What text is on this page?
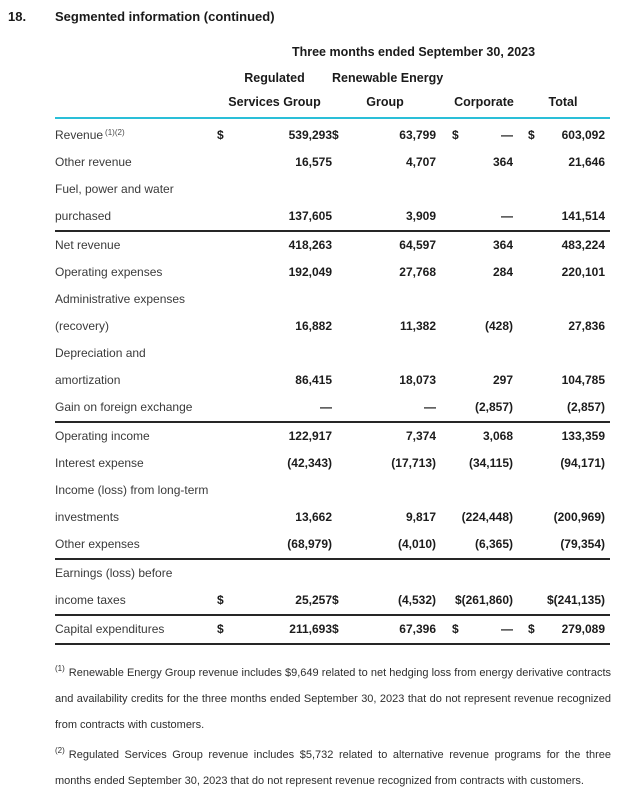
18.	Segmented information (continued)
	Three months ended September 30, 2023			
	Regulated	Renewable Energy		
	Services Group	Group	Corporate	Total

Revenue $^{(1)(2)}$	$ 539,293	$ 63,799	$ —	$ 603,092

Other revenue	16,575	4,707	364	21,646

Fuel, power and water
purchased	137,605	3,909	—	141,514

Net revenue	418,263	64,597	364	483,224

Operating expenses	192,049	27,768	284	220,101

Administrative expenses
(recovery)	16,882	11,382	(428)	27,836

Depreciation and
amortization	86,415	18,073	297	104,785

Gain on foreign exchange	—	—	(2,857)	(2,857)

Operating income	122,917	7,374	3,068	133,359

Interest expense	(42,343)	(17,713)	(34,115)	(94,171)

Income (loss) from long-term
investments	13,662	9,817	(224,448)	(200,969)

Other expenses	(68,979)	(4,010)	(6,365)	(79,354)

Earnings (loss) before
income taxes	$	25,257	$	(4,532)	$(261,860)	$(241,135)

Capital expenditures	$ 211,693	$ 67,396	$ —	$ 279,089

$^{(1)}$ Renewable Energy Group revenue includes $9,649 related to net hedging loss from energy derivative contracts and availability credits for the three months ended September 30, 2023 that do not represent revenue recognized from contracts with customers.

$^{(2)}$ Regulated Services Group revenue includes $5,732 related to alternative revenue programs for the three months ended September 30, 2023 that do not represent revenue recognized from contracts with customers.
